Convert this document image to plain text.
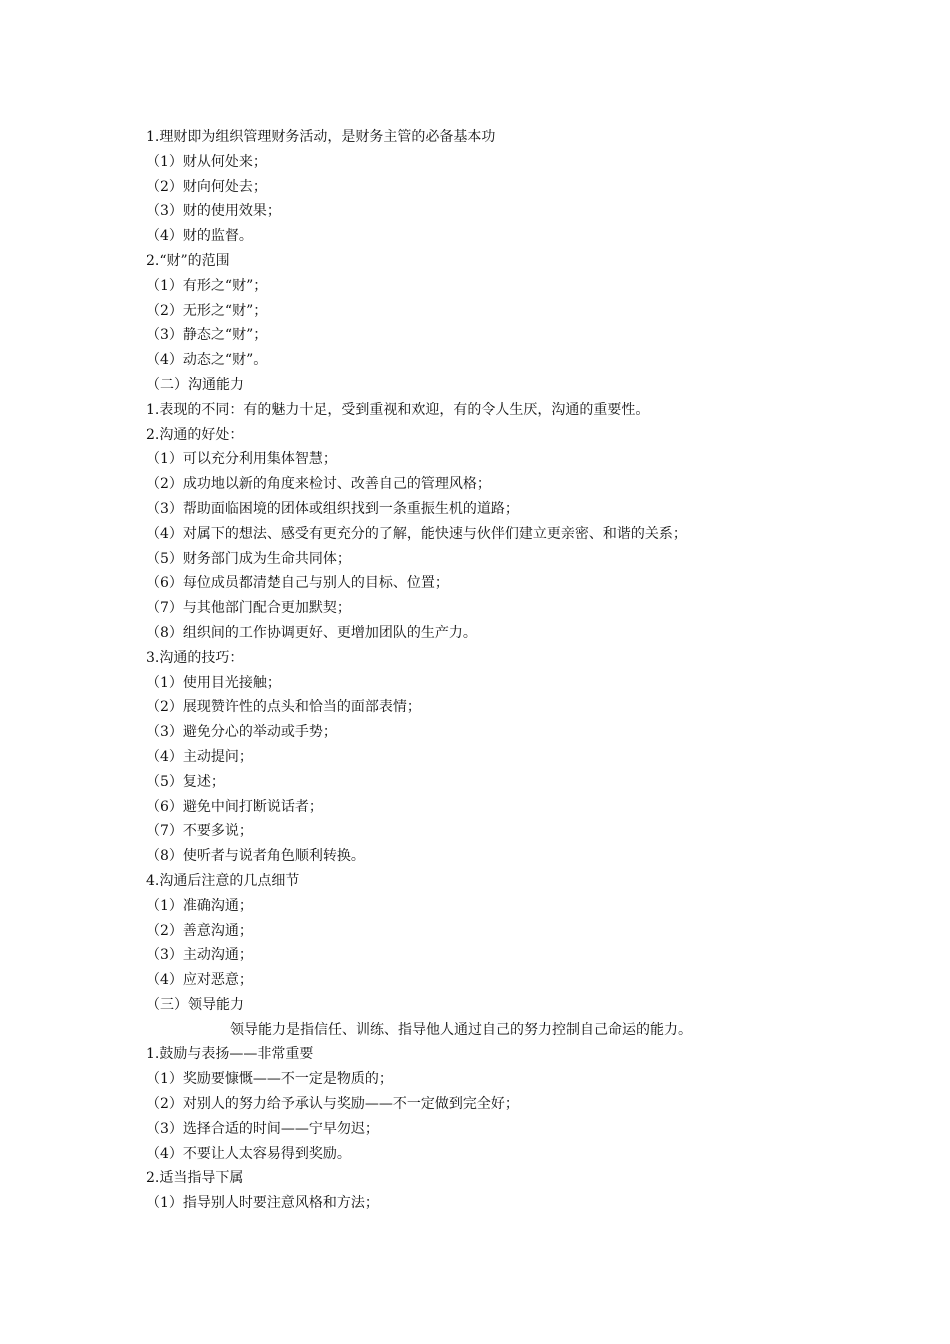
1.理财即为组织管理财务活动，是财务主管的必备基本功
（1）财从何处来；
（2）财向何处去；
（3）财的使用效果；
（4）财的监督。
2.“财”的范围
（1）有形之“财”；
（2）无形之“财”；
（3）静态之“财”；
（4）动态之“财”。
（二）沟通能力
1.表现的不同：有的魅力十足，受到重视和欢迎，有的令人生厌，沟通的重要性。
2.沟通的好处：
（1）可以充分利用集体智慧；
（2）成功地以新的角度来检讨、改善自己的管理风格；
（3）帮助面临困境的团体或组织找到一条重振生机的道路；
（4）对属下的想法、感受有更充分的了解，能快速与伙伴们建立更亲密、和谐的关系；
（5）财务部门成为生命共同体；
（6）每位成员都清楚自己与别人的目标、位置；
（7）与其他部门配合更加默契；
（8）组织间的工作协调更好、更增加团队的生产力。
3.沟通的技巧：
（1）使用目光接触；
（2）展现赞许性的点头和恰当的面部表情；
（3）避免分心的举动或手势；
（4）主动提问；
（5）复述；
（6）避免中间打断说话者；
（7）不要多说；
（8）使听者与说者角色顺利转换。
4.沟通后注意的几点细节
（1）准确沟通；
（2）善意沟通；
（3）主动沟通；
（4）应对恶意；
（三）领导能力
领导能力是指信任、训练、指导他人通过自己的努力控制自己命运的能力。
1.鼓励与表扬——非常重要
（1）奖励要慷慨——不一定是物质的；
（2）对别人的努力给予承认与奖励——不一定做到完全好；
（3）选择合适的时间——宁早勿迟；
（4）不要让人太容易得到奖励。
2.适当指导下属
（1）指导别人时要注意风格和方法；
